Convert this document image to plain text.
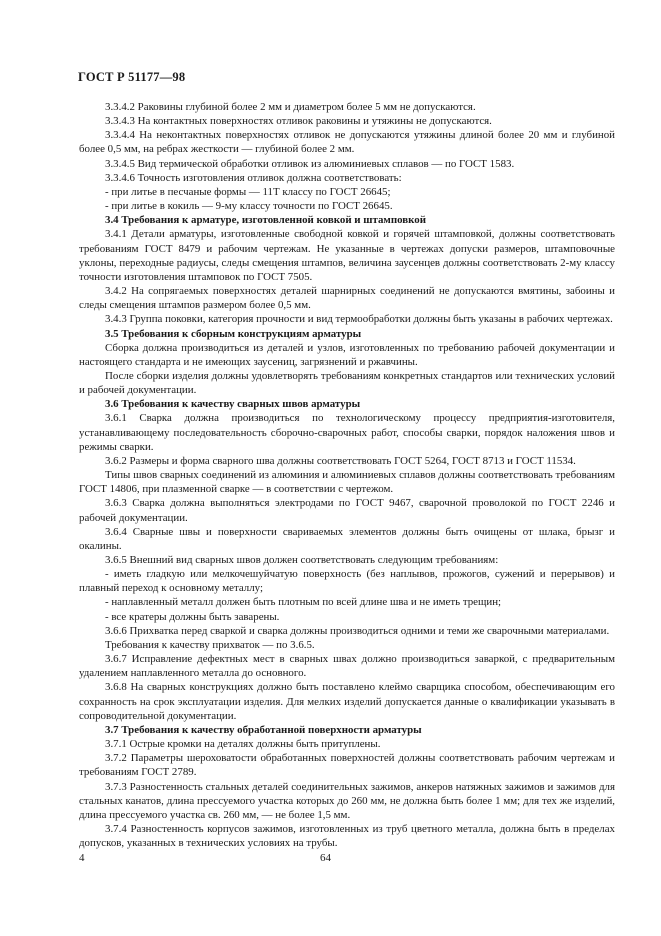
ГОСТ Р 51177—98

3.3.4.2 Раковины глубиной более 2 мм и диаметром более 5 мм не допускаются.

3.3.4.3 На контактных поверхностях отливок раковины и утяжины не допускаются.

3.3.4.4 На неконтактных поверхностях отливок не допускаются утяжины длиной более 20 мм и глубиной более 0,5 мм, на ребрах жесткости — глубиной более 2 мм.

3.3.4.5 Вид термической обработки отливок из алюминиевых сплавов — по ГОСТ 1583.

3.3.4.6 Точность изготовления отливок должна соответствовать:

- при литье в песчаные формы — 11Т классу по ГОСТ 26645;

- при литье в кокиль — 9-му классу точности по ГОСТ 26645.

3.4 Требования к арматуре, изготовленной ковкой и штамповкой

3.4.1 Детали арматуры, изготовленные свободной ковкой и горячей штамповкой, должны соответствовать требованиям ГОСТ 8479 и рабочим чертежам. Не указанные в чертежах допуски размеров, штамповочные уклоны, переходные радиусы, следы смещения штампов, величина заусенцев должны соответствовать 2-му классу точности изготовления штамповок по ГОСТ 7505.

3.4.2 На сопрягаемых поверхностях деталей шарнирных соединений не допускаются вмятины, забоины и следы смещения штампов размером более 0,5 мм.

3.4.3 Группа поковки, категория прочности и вид термообработки должны быть указаны в рабочих чертежах.

3.5 Требования к сборным конструкциям арматуры

Сборка должна производиться из деталей и узлов, изготовленных по требованию рабочей документации и настоящего стандарта и не имеющих заусениц, загрязнений и ржавчины.

После сборки изделия должны удовлетворять требованиям конкретных стандартов или технических условий и рабочей документации.

3.6 Требования к качеству сварных швов арматуры

3.6.1 Сварка должна производиться по технологическому процессу предприятия-изготовителя, устанавливающему последовательность сборочно-сварочных работ, способы сварки, порядок наложения швов и режимы сварки.

3.6.2 Размеры и форма сварного шва должны соответствовать ГОСТ 5264, ГОСТ 8713 и ГОСТ 11534.

Типы швов сварных соединений из алюминия и алюминиевых сплавов должны соответствовать требованиям ГОСТ 14806, при плазменной сварке — в соответствии с чертежом.

3.6.3 Сварка должна выполняться электродами по ГОСТ 9467, сварочной проволокой по ГОСТ 2246 и рабочей документации.

3.6.4 Сварные швы и поверхности свариваемых элементов должны быть очищены от шлака, брызг и окалины.

3.6.5 Внешний вид сварных швов должен соответствовать следующим требованиям:

- иметь гладкую или мелкочешуйчатую поверхность (без наплывов, прожогов, сужений и перерывов) и плавный переход к основному металлу;

- наплавленный металл должен быть плотным по всей длине шва и не иметь трещин;

- все кратеры должны быть заварены.

3.6.6 Прихватка перед сваркой и сварка должны производиться одними и теми же сварочными материалами.

Требования к качеству прихваток — по 3.6.5.

3.6.7 Исправление дефектных мест в сварных швах должно производиться заваркой, с предварительным удалением наплавленного металла до основного.

3.6.8 На сварных конструкциях должно быть поставлено клеймо сварщика способом, обеспечивающим его сохранность на срок эксплуатации изделия. Для мелких изделий допускается данные о квалификации указывать в сопроводительной документации.

3.7 Требования к качеству обработанной поверхности арматуры

3.7.1 Острые кромки на деталях должны быть притуплены.

3.7.2 Параметры шероховатости обработанных поверхностей должны соответствовать рабочим чертежам и требованиям ГОСТ 2789.

3.7.3 Разностенность стальных деталей соединительных зажимов, анкеров натяжных зажимов и зажимов для стальных канатов, длина прессуемого участка которых до 260 мм, не должна быть более 1 мм; для тех же изделий, длина прессуемого участка св. 260 мм, — не более 1,5 мм.

3.7.4 Разностенность корпусов зажимов, изготовленных из труб цветного металла, должна быть в пределах допусков, указанных в технических условиях на трубы.

4	64
